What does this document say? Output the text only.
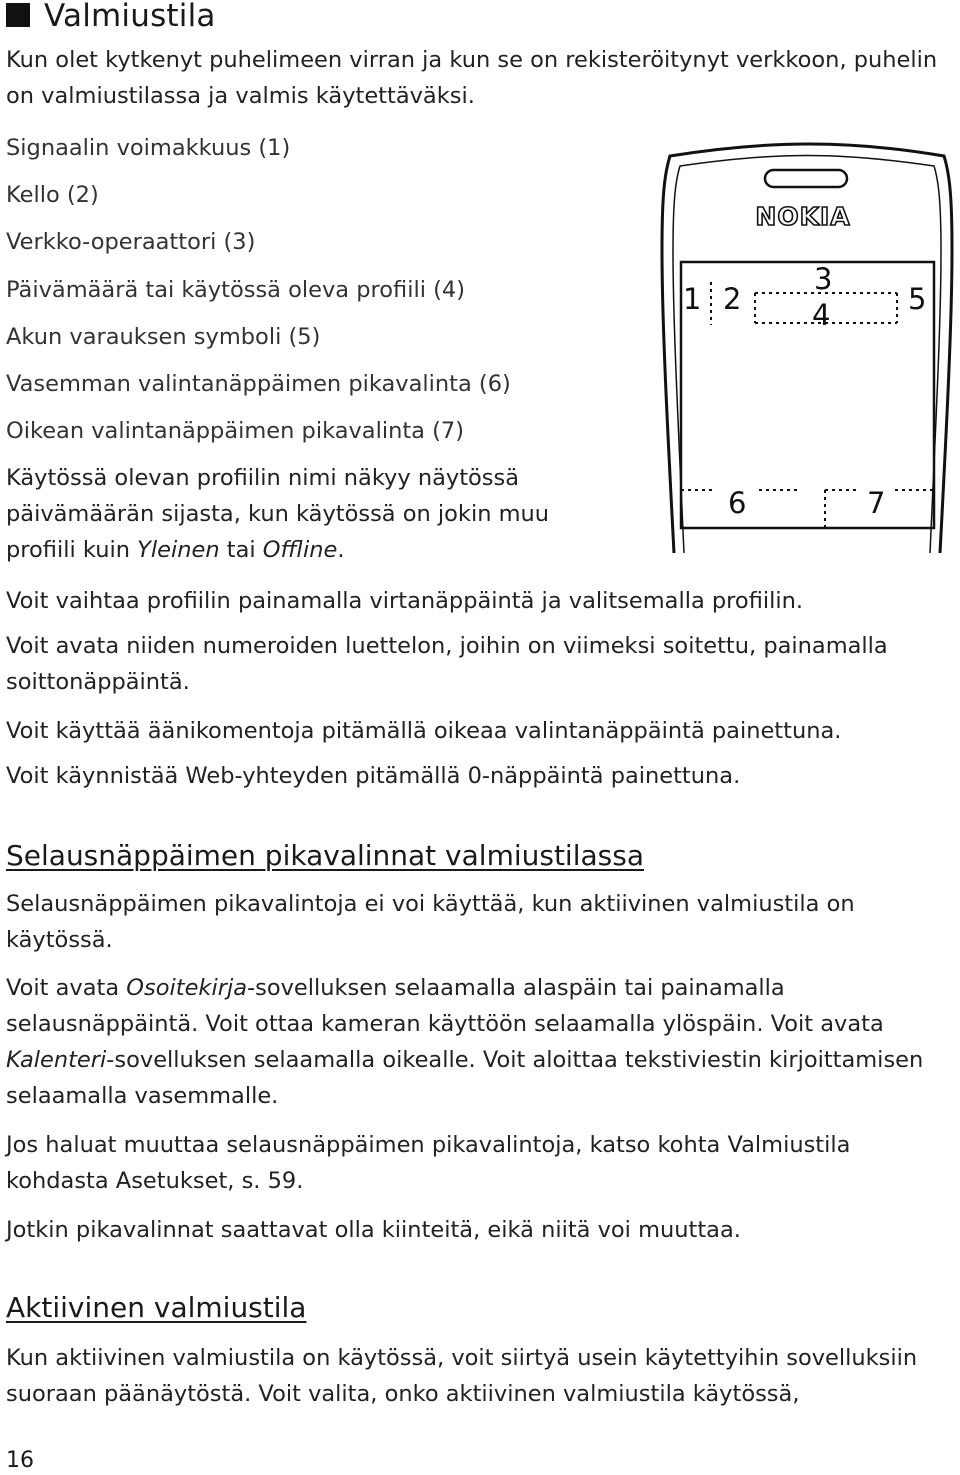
Valmiustila

Kun olet kytkenyt puhelimeen virran ja kun se on rekisteröitynyt verkkoon, puhelin
on valmiustilassa ja valmis käytettäväksi.

Signaalin voimakkuus (1)

Kello (2)

Verkko-operaattori (3)

Päivämäärä tai käytössä oleva profiili (4)

Akun varauksen symboli (5)

Vasemman valintanäppäimen pikavalinta (6)

Oikean valintanäppäimen pikavalinta (7)

Käytössä olevan profiilin nimi näkyy näytössä
päivämäärän sijasta, kun käytössä on jokin muu
profiili kuin Yleinen tai Offline.

NOKIA
1 2
3
4	5
6	7

Voit vaihtaa profiilin painamalla virtanäppäintä ja valitsemalla profiilin.

Voit avata niiden numeroiden luettelon, joihin on viimeksi soitettu, painamalla
soittonäppäintä.

Voit käyttää äänikomentoja pitämällä oikeaa valintanäppäintä painettuna.

Voit käynnistää Web-yhteyden pitämällä 0-näppäintä painettuna.

Selausnäppäimen pikavalinnat valmiustilassa

Selausnäppäimen pikavalintoja ei voi käyttää, kun aktiivinen valmiustila on
käytössä.

Voit avata Osoitekirja-sovelluksen selaamalla alaspäin tai painamalla
selausnäppäintä. Voit ottaa kameran käyttöön selaamalla ylöspäin. Voit avata
Kalenteri-sovelluksen selaamalla oikealle. Voit aloittaa tekstiviestin kirjoittamisen
selaamalla vasemmalle.

Jos haluat muuttaa selausnäppäimen pikavalintoja, katso kohta Valmiustila
kohdasta Asetukset, s. 59.

Jotkin pikavalinnat saattavat olla kiinteitä, eikä niitä voi muuttaa.

Aktiivinen valmiustila

Kun aktiivinen valmiustila on käytössä, voit siirtyä usein käytettyihin sovelluksiin
suoraan päänäytöstä. Voit valita, onko aktiivinen valmiustila käytössä,

16
